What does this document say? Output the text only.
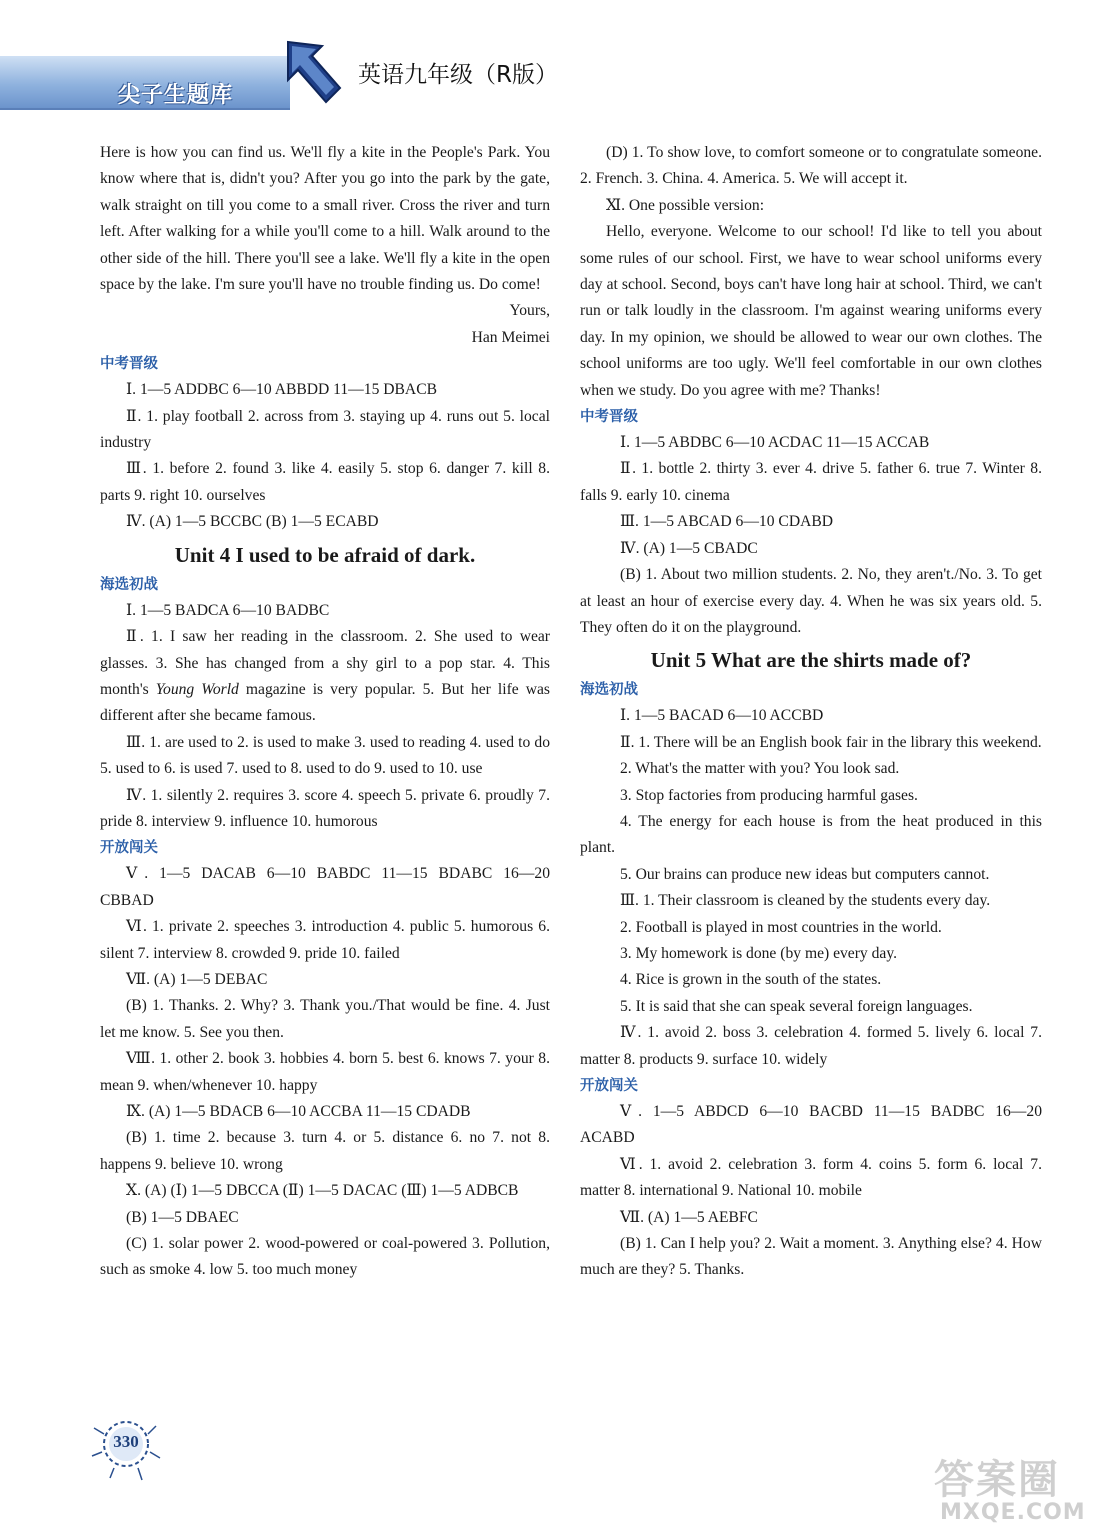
尖子生题库
英语九年级（R版）

Here is how you can find us. We'll fly a kite in the People's Park. You know where that is, didn't you? After you go into the park by the gate, walk straight on till you come to a small river. Cross the river and turn left. After walking for a while you'll come to a hill. Walk around to the other side of the hill. There you'll see a lake. We'll fly a kite in the open space by the lake. I'm sure you'll have no trouble finding us. Do come!

Yours,

Han Meimei

中考晋级

Ⅰ. 1—5 ADDBC 6—10 ABBDD 11—15 DBACB

Ⅱ. 1. play football 2. across from 3. staying up 4. runs out 5. local industry

Ⅲ. 1. before 2. found 3. like 4. easily 5. stop 6. danger 7. kill 8. parts 9. right 10. ourselves

Ⅳ. (A) 1—5 BCCBC (B) 1—5 ECABD

Unit 4 I used to be afraid of dark.

海选初战

Ⅰ. 1—5 BADCA 6—10 BADBC

Ⅱ. 1. I saw her reading in the classroom. 2. She used to wear glasses. 3. She has changed from a shy girl to a pop star. 4. This month's Young World magazine is very popular. 5. But her life was different after she became famous.

Ⅲ. 1. are used to 2. is used to make 3. used to reading 4. used to do 5. used to 6. is used 7. used to 8. used to do 9. used to 10. use

Ⅳ. 1. silently 2. requires 3. score 4. speech 5. private 6. proudly 7. pride 8. interview 9. influence 10. humorous

开放闯关

Ⅴ. 1—5 DACAB 6—10 BABDC 11—15 BDABC 16—20 CBBAD

Ⅵ. 1. private 2. speeches 3. introduction 4. public 5. humorous 6. silent 7. interview 8. crowded 9. pride 10. failed

Ⅶ. (A) 1—5 DEBAC

(B) 1. Thanks. 2. Why? 3. Thank you./That would be fine. 4. Just let me know. 5. See you then.

Ⅷ. 1. other 2. book 3. hobbies 4. born 5. best 6. knows 7. your 8. mean 9. when/whenever 10. happy

Ⅸ. (A) 1—5 BDACB 6—10 ACCBA 11—15 CDADB

(B) 1. time 2. because 3. turn 4. or 5. distance 6. no 7. not 8. happens 9. believe 10. wrong

Ⅹ. (A) (Ⅰ) 1—5 DBCCA (Ⅱ) 1—5 DACAC (Ⅲ) 1—5 ADBCB

(B) 1—5 DBAEC

(C) 1. solar power 2. wood-powered or coal-powered 3. Pollution, such as smoke 4. low 5. too much money

(D) 1. To show love, to comfort someone or to congratulate someone. 2. French. 3. China. 4. America. 5. We will accept it.

Ⅺ. One possible version:

Hello, everyone. Welcome to our school! I'd like to tell you about some rules of our school. First, we have to wear school uniforms every day at school. Second, boys can't have long hair at school. Third, we can't run or talk loudly in the classroom. I'm against wearing uniforms every day. In my opinion, we should be allowed to wear our own clothes. The school uniforms are too ugly. We'll feel comfortable in our own clothes when we study. Do you agree with me? Thanks!

中考晋级

Ⅰ. 1—5 ABDBC 6—10 ACDAC 11—15 ACCAB

Ⅱ. 1. bottle 2. thirty 3. ever 4. drive 5. father 6. true 7. Winter 8. falls 9. early 10. cinema

Ⅲ. 1—5 ABCAD 6—10 CDABD

Ⅳ. (A) 1—5 CBADC

(B) 1. About two million students. 2. No, they aren't./No. 3. To get at least an hour of exercise every day. 4. When he was six years old. 5. They often do it on the playground.

Unit 5 What are the shirts made of?

海选初战

Ⅰ. 1—5 BACAD 6—10 ACCBD

Ⅱ. 1. There will be an English book fair in the library this weekend.

2. What's the matter with you? You look sad.

3. Stop factories from producing harmful gases.

4. The energy for each house is from the heat produced in this plant.

5. Our brains can produce new ideas but computers cannot.

Ⅲ. 1. Their classroom is cleaned by the students every day.

2. Football is played in most countries in the world.

3. My homework is done (by me) every day.

4. Rice is grown in the south of the states.

5. It is said that she can speak several foreign languages.

Ⅳ. 1. avoid 2. boss 3. celebration 4. formed 5. lively 6. local 7. matter 8. products 9. surface 10. widely

开放闯关

Ⅴ. 1—5 ABDCD 6—10 BACBD 11—15 BADBC 16—20 ACABD

Ⅵ. 1. avoid 2. celebration 3. form 4. coins 5. form 6. local 7. matter 8. international 9. National 10. mobile

Ⅶ. (A) 1—5 AEBFC

(B) 1. Can I help you? 2. Wait a moment. 3. Anything else? 4. How much are they? 5. Thanks.

330
答案圈
MXQE.COM
